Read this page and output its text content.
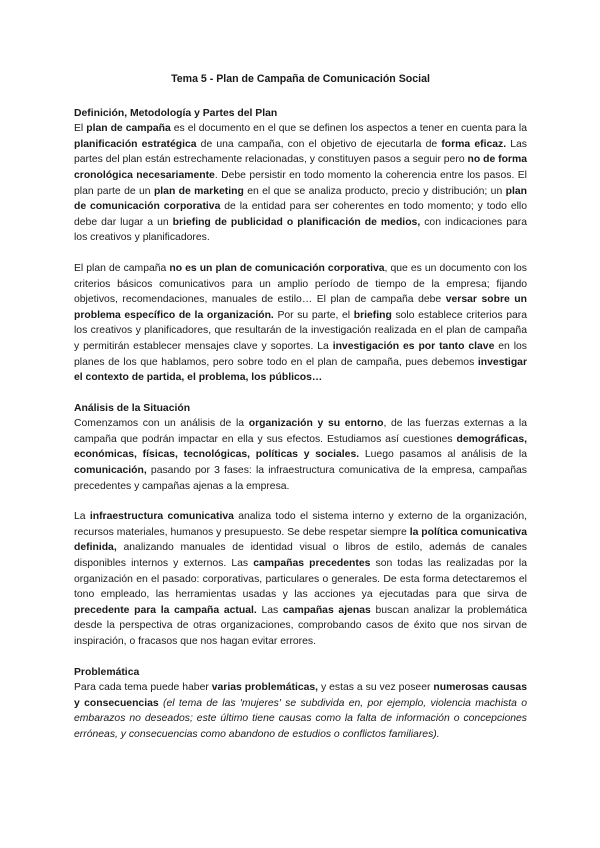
Tema 5 - Plan de Campaña de Comunicación Social
Definición, Metodología y Partes del Plan

El plan de campaña es el documento en el que se definen los aspectos a tener en cuenta para la planificación estratégica de una campaña, con el objetivo de ejecutarla de forma eficaz. Las partes del plan están estrechamente relacionadas, y constituyen pasos a seguir pero no de forma cronológica necesariamente. Debe persistir en todo momento la coherencia entre los pasos. El plan parte de un plan de marketing en el que se analiza producto, precio y distribución; un plan de comunicación corporativa de la entidad para ser coherentes en todo momento; y todo ello debe dar lugar a un briefing de publicidad o planificación de medios, con indicaciones para los creativos y planificadores.

El plan de campaña no es un plan de comunicación corporativa, que es un documento con los criterios básicos comunicativos para un amplio período de tiempo de la empresa; fijando objetivos, recomendaciones, manuales de estilo… El plan de campaña debe versar sobre un problema específico de la organización. Por su parte, el briefing solo establece criterios para los creativos y planificadores, que resultarán de la investigación realizada en el plan de campaña y permitirán establecer mensajes clave y soportes. La investigación es por tanto clave en los planes de los que hablamos, pero sobre todo en el plan de campaña, pues debemos investigar el contexto de partida, el problema, los públicos…

Análisis de la Situación

Comenzamos con un análisis de la organización y su entorno, de las fuerzas externas a la campaña que podrán impactar en ella y sus efectos. Estudiamos así cuestiones demográficas, económicas, físicas, tecnológicas, políticas y sociales. Luego pasamos al análisis de la comunicación, pasando por 3 fases: la infraestructura comunicativa de la empresa, campañas precedentes y campañas ajenas a la empresa.

La infraestructura comunicativa analiza todo el sistema interno y externo de la organización, recursos materiales, humanos y presupuesto. Se debe respetar siempre la política comunicativa definida, analizando manuales de identidad visual o libros de estilo, además de canales disponibles internos y externos. Las campañas precedentes son todas las realizadas por la organización en el pasado: corporativas, particulares o generales. De esta forma detectaremos el tono empleado, las herramientas usadas y las acciones ya ejecutadas para que sirva de precedente para la campaña actual. Las campañas ajenas buscan analizar la problemática desde la perspectiva de otras organizaciones, comprobando casos de éxito que nos sirvan de inspiración, o fracasos que nos hagan evitar errores.

Problemática

Para cada tema puede haber varias problemáticas, y estas a su vez poseer numerosas causas y consecuencias (el tema de las 'mujeres' se subdivida en, por ejemplo, violencia machista o embarazos no deseados; este último tiene causas como la falta de información o concepciones erróneas, y consecuencias como abandono de estudios o conflictos familiares).
